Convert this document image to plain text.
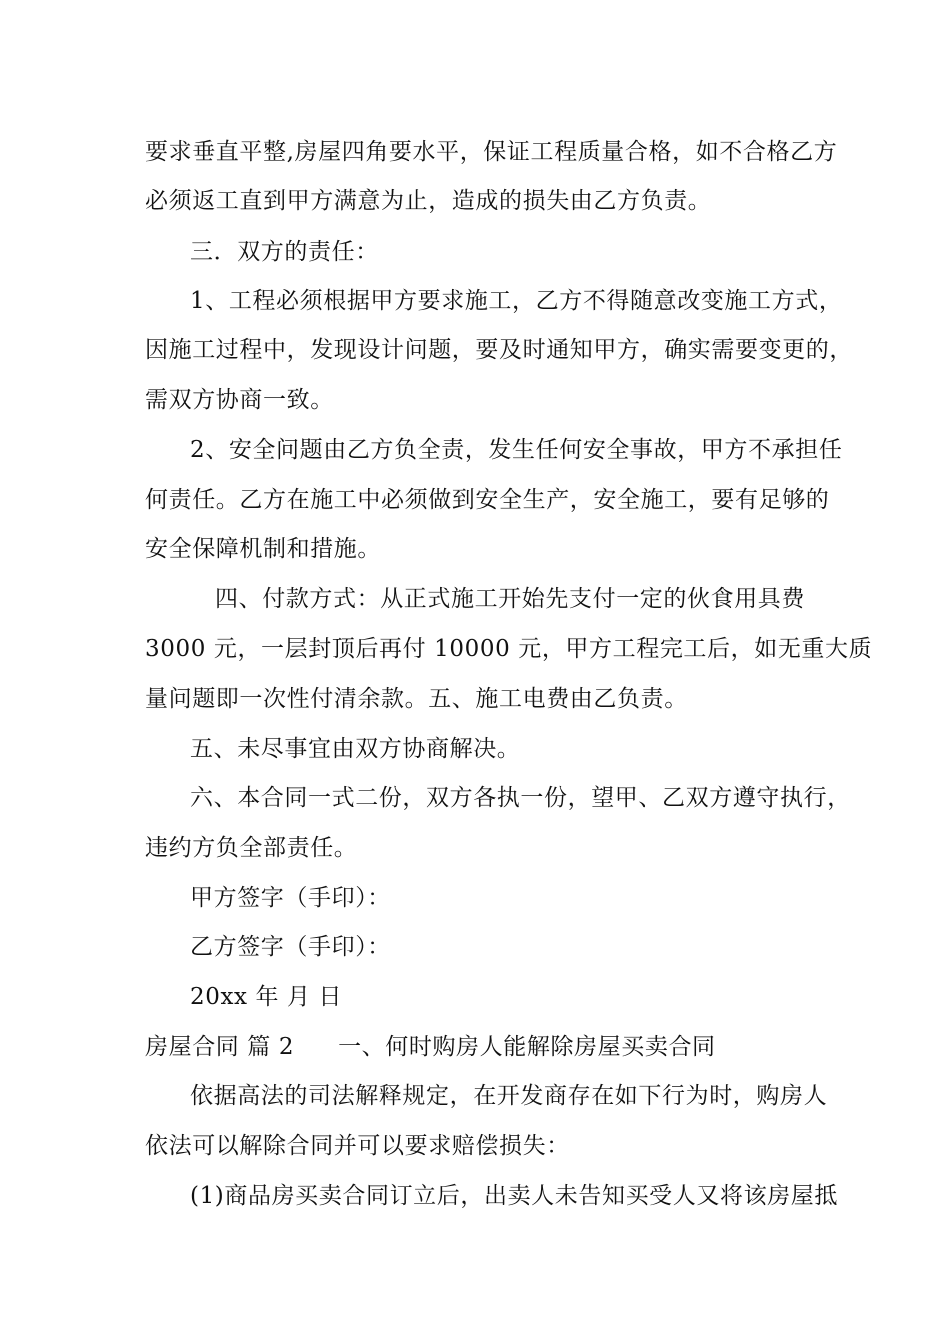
要求垂直平整,房屋四角要水平，保证工程质量合格，如不合格乙方
必须返工直到甲方满意为止，造成的损失由乙方负责。
三．双方的责任：
1、工程必须根据甲方要求施工，乙方不得随意改变施工方式，
因施工过程中，发现设计问题，要及时通知甲方，确实需要变更的，
需双方协商一致。
2、安全问题由乙方负全责，发生任何安全事故，甲方不承担任
何责任。乙方在施工中必须做到安全生产，安全施工，要有足够的
安全保障机制和措施。
四、付款方式：从正式施工开始先支付一定的伙食用具费
3000 元，一层封顶后再付 10000 元，甲方工程完工后，如无重大质
量问题即一次性付清余款。五、施工电费由乙负责。
五、未尽事宜由双方协商解决。
六、本合同一式二份，双方各执一份，望甲、乙双方遵守执行，
违约方负全部责任。
甲方签字（手印）：
乙方签字（手印）：
20xx 年 月 日
房屋合同 篇 2 一、何时购房人能解除房屋买卖合同
依据高法的司法解释规定，在开发商存在如下行为时，购房人
依法可以解除合同并可以要求赔偿损失：
(1)商品房买卖合同订立后，出卖人未告知买受人又将该房屋抵
